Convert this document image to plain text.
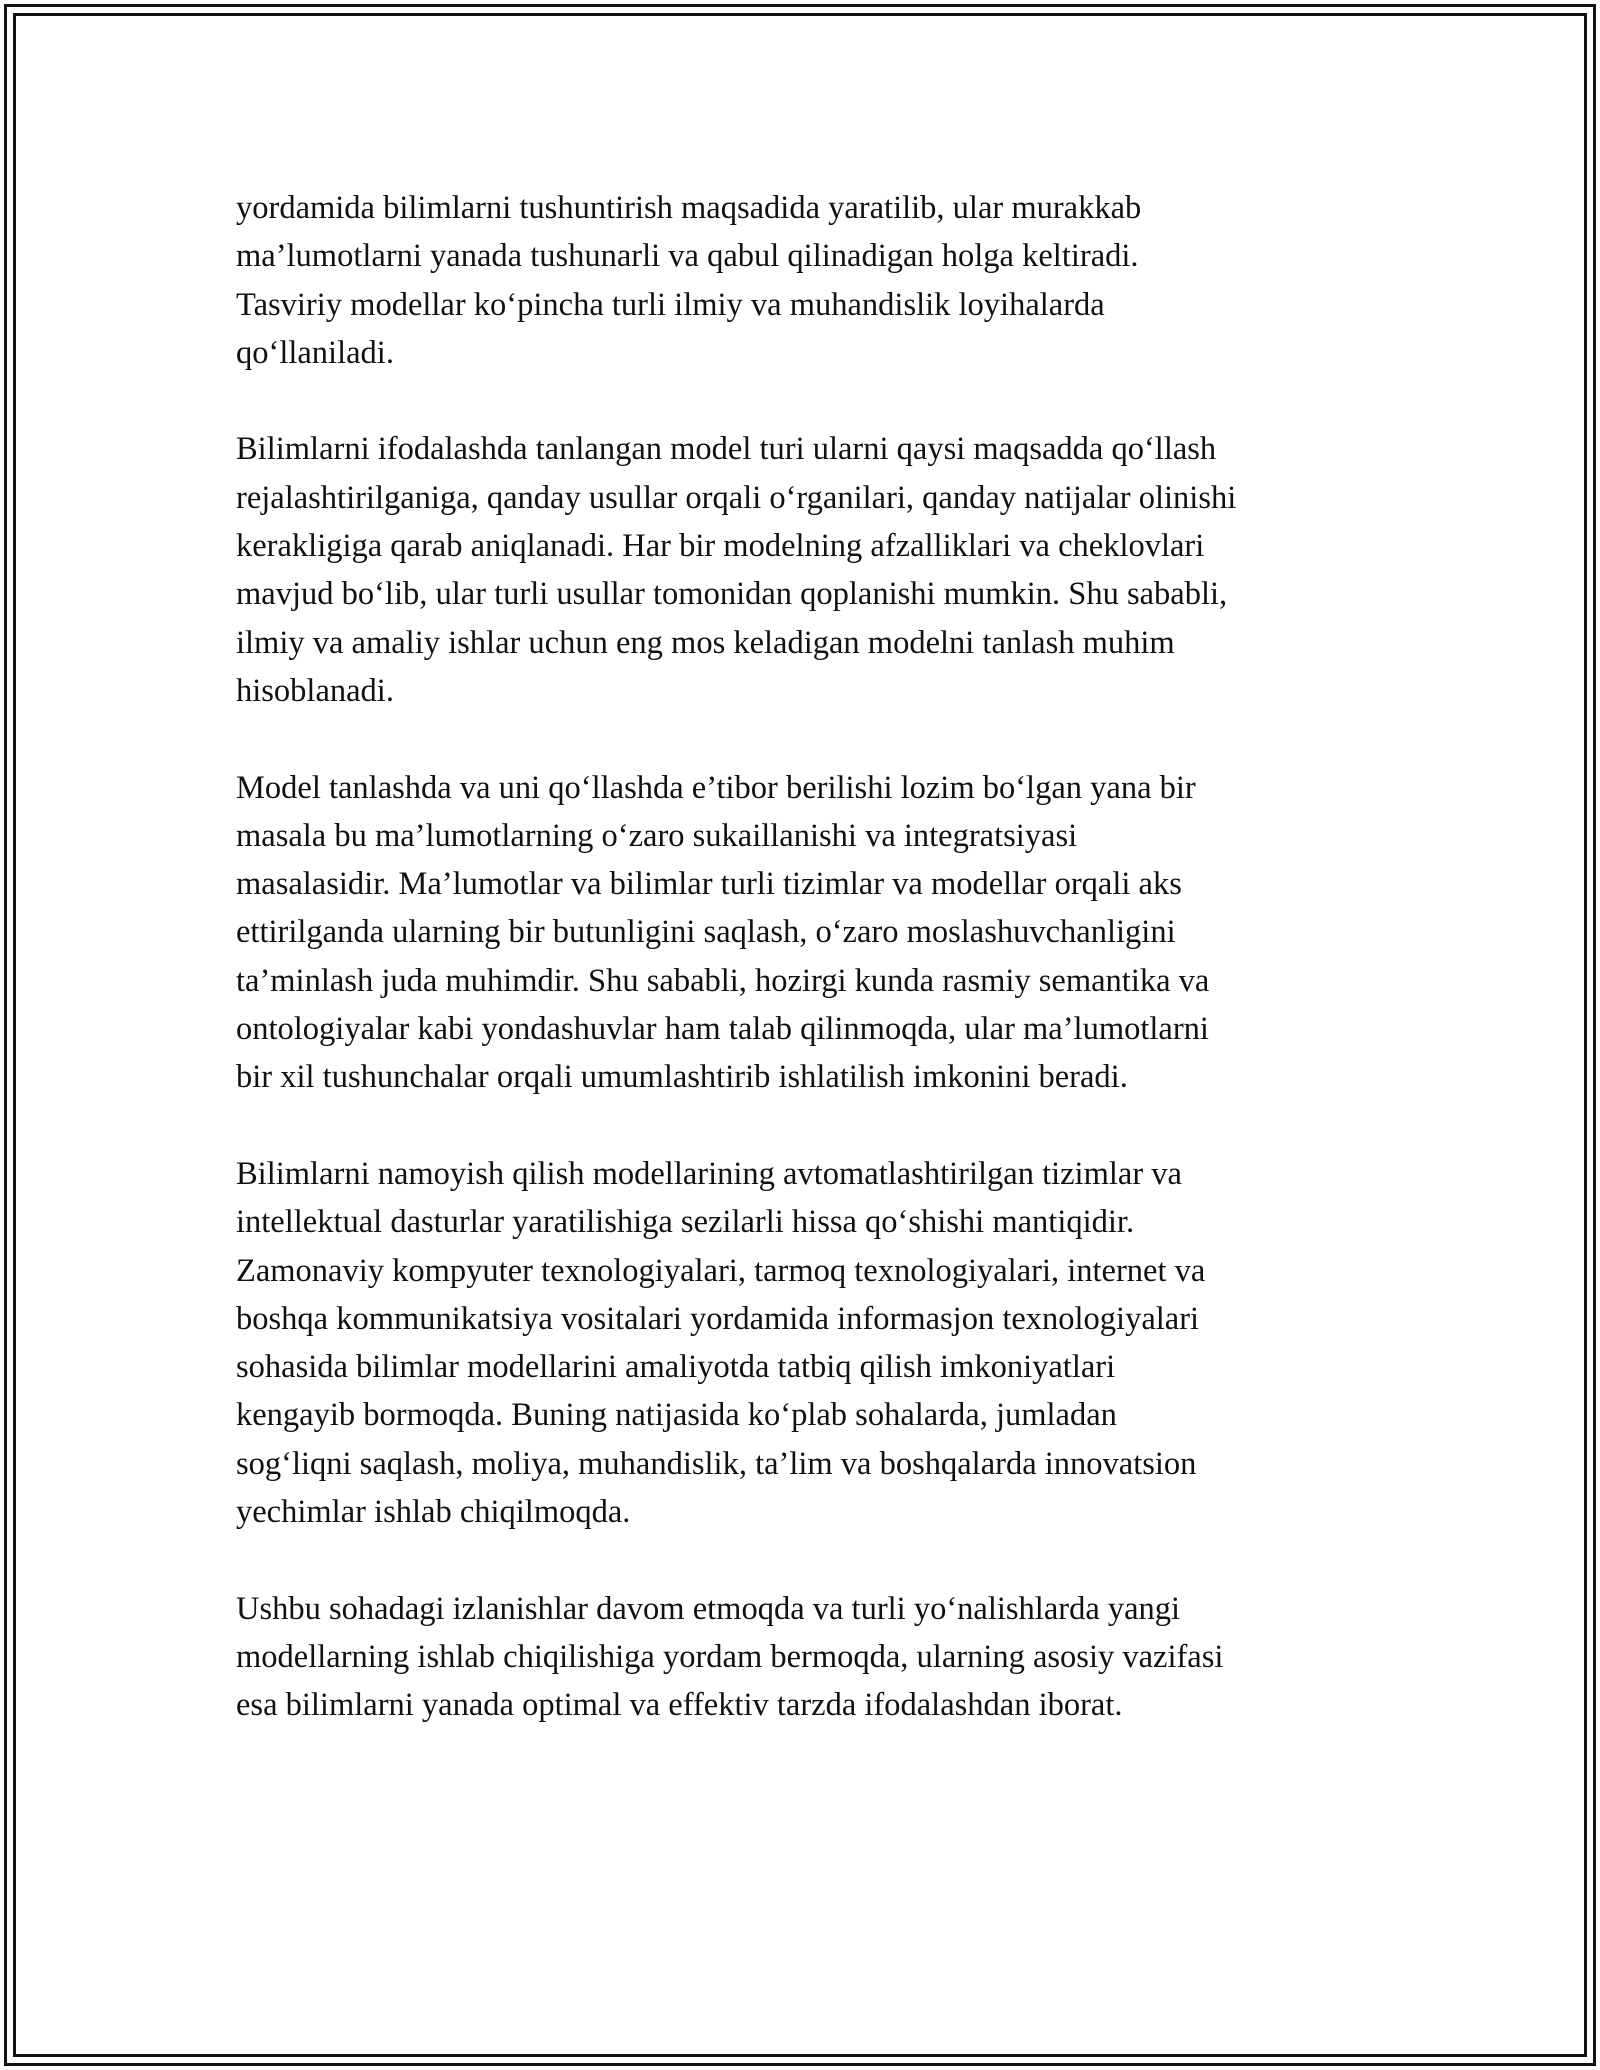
yordamida bilimlarni tushuntirish maqsadida yaratilib, ular murakkab
ma’lumotlarni yanada tushunarli va qabul qilinadigan holga keltiradi.
Tasviriy modellar ko‘pincha turli ilmiy va muhandislik loyihalarda
qo‘llaniladi.

Bilimlarni ifodalashda tanlangan model turi ularni qaysi maqsadda qo‘llash
rejalashtirilganiga, qanday usullar orqali o‘rganilari, qanday natijalar olinishi
kerakligiga qarab aniqlanadi. Har bir modelning afzalliklari va cheklovlari
mavjud bo‘lib, ular turli usullar tomonidan qoplanishi mumkin. Shu sababli,
ilmiy va amaliy ishlar uchun eng mos keladigan modelni tanlash muhim
hisoblanadi.

Model tanlashda va uni qo‘llashda e’tibor berilishi lozim bo‘lgan yana bir
masala bu ma’lumotlarning o‘zaro sukaillanishi va integratsiyasi
masalasidir. Ma’lumotlar va bilimlar turli tizimlar va modellar orqali aks
ettirilganda ularning bir butunligini saqlash, o‘zaro moslashuvchanligini
ta’minlash juda muhimdir. Shu sababli, hozirgi kunda rasmiy semantika va
ontologiyalar kabi yondashuvlar ham talab qilinmoqda, ular ma’lumotlarni
bir xil tushunchalar orqali umumlashtirib ishlatilish imkonini beradi.

Bilimlarni namoyish qilish modellarining avtomatlashtirilgan tizimlar va
intellektual dasturlar yaratilishiga sezilarli hissa qo‘shishi mantiqidir.
Zamonaviy kompyuter texnologiyalari, tarmoq texnologiyalari, internet va
boshqa kommunikatsiya vositalari yordamida informasjon texnologiyalari
sohasida bilimlar modellarini amaliyotda tatbiq qilish imkoniyatlari
kengayib bormoqda. Buning natijasida ko‘plab sohalarda, jumladan
sog‘liqni saqlash, moliya, muhandislik, ta’lim va boshqalarda innovatsion
yechimlar ishlab chiqilmoqda.

Ushbu sohadagi izlanishlar davom etmoqda va turli yo‘nalishlarda yangi
modellarning ishlab chiqilishiga yordam bermoqda, ularning asosiy vazifasi
esa bilimlarni yanada optimal va effektiv tarzda ifodalashdan iborat.
